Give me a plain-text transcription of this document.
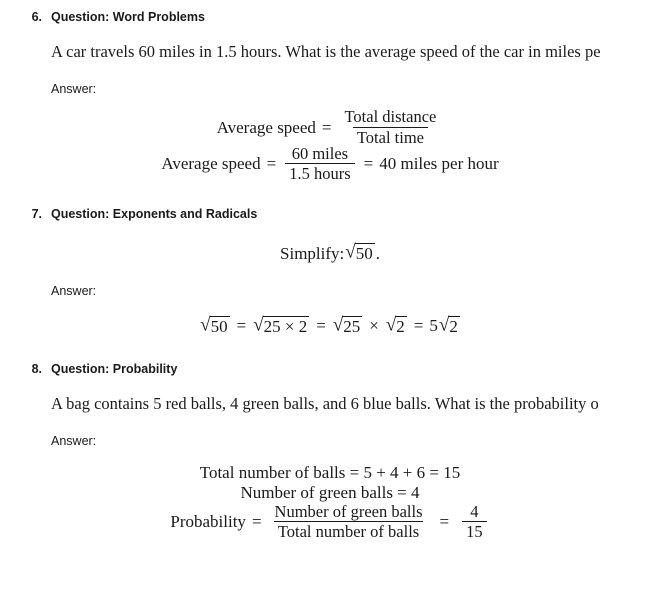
6. Question: Word Problems
A car travels 60 miles in 1.5 hours. What is the average speed of the car in miles pe
Answer:
Average speed = $\frac{\text{Total distance}}{\text{Total time}}$
Average speed = $\frac{\text{60 miles}}{\text{1.5 hours}} = 40$ miles per hour
7. Question: Exponents and Radicals
Simplify: √ 50 .
Answer:
√ 50 = √ 25 × 2 = √ 25 × √ 2 = 5 √ 2
8. Question: Probability
A bag contains 5 red balls, 4 green balls, and 6 blue balls. What is the probability o
Answer:
Total number of balls = 5 + 4 + 6 = 15
Number of green balls = 4
Probability = $\frac{\text{Number of green balls}}{\text{Total number of balls}} = \frac{4}{15}$
